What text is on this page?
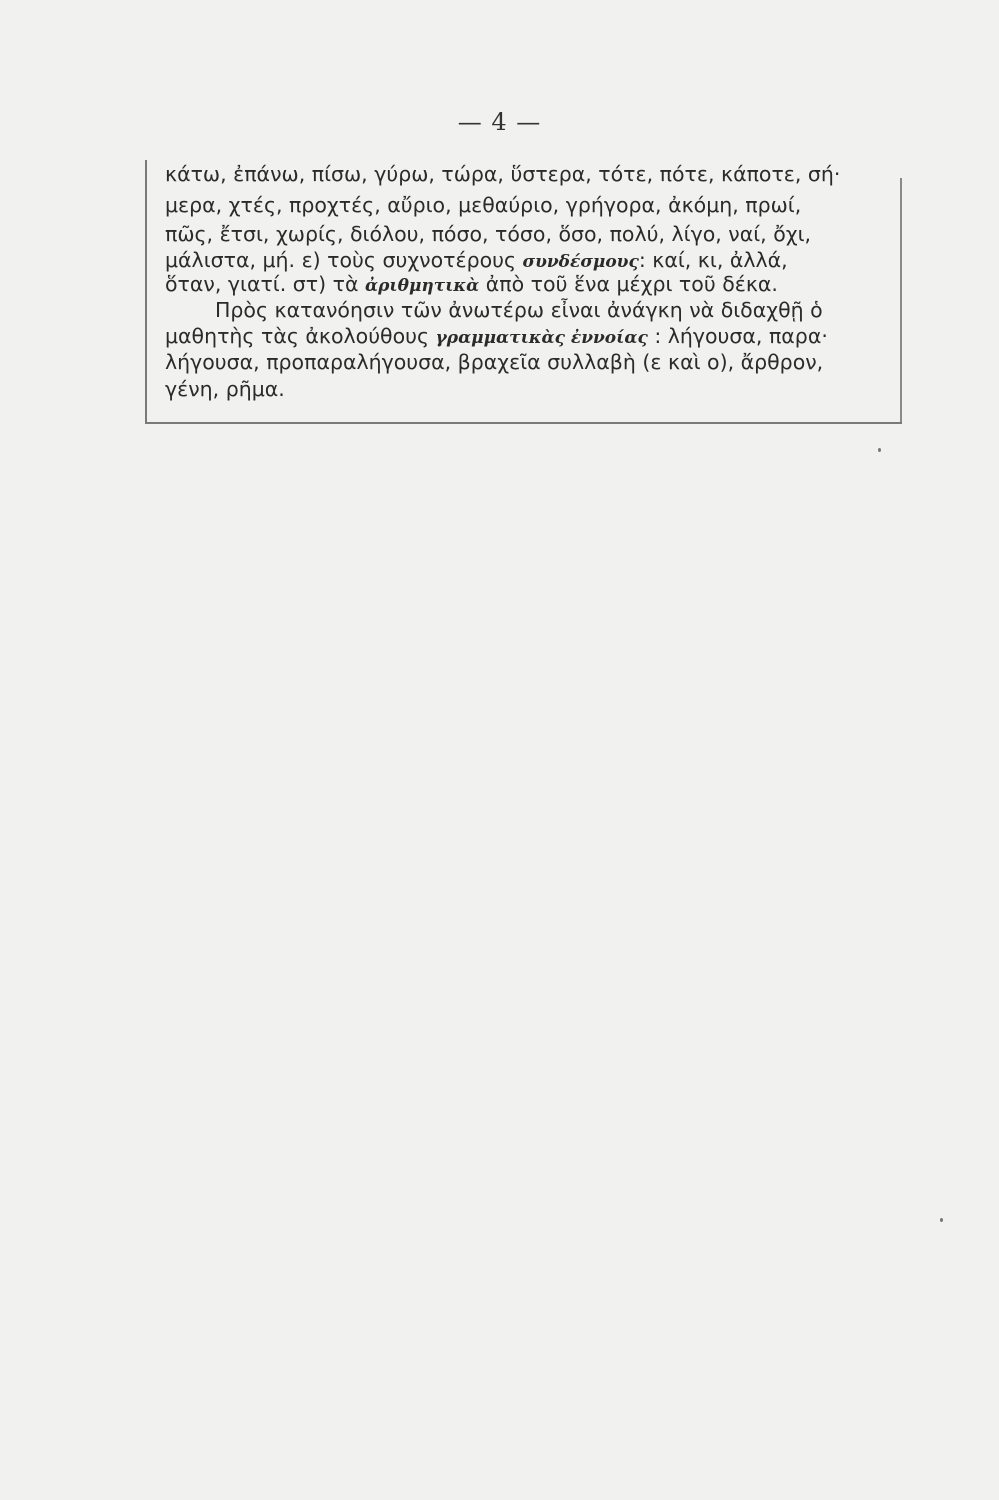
— 4 —
κάτω, ἐπάνω, πίσω, γύρω, τώρα, ὕστερα, τότε, πότε, κάποτε, σή·
μερα, χτές, προχτές, αὔριο, μεθαύριο, γρήγορα, ἀκόμη, πρωί,
πῶς, ἔτσι, χωρίς, διόλου, πόσο, τόσο, ὅσο, πολύ, λίγο, ναί, ὄχι,
μάλιστα, μή. ε) τοὺς συχνοτέρους συνδέσμους: καί, κι, ἀλλά,
ὅταν, γιατί. στ) τὰ ἀριθμητικὰ ἀπὸ τοῦ ἕνα μέχρι τοῦ δέκα.
Πρὸς κατανόησιν τῶν ἀνωτέρω εἶναι ἀνάγκη νὰ διδαχθῇ ὁ
μαθητὴς τὰς ἀκολούθους γραμματικὰς ἐννοίας : λήγουσα, παρα·
λήγουσα, προπαραλήγουσα, βραχεῖα συλλαβὴ (ε καὶ ο), ἄρθρον,
γένη, ρῆμα.
